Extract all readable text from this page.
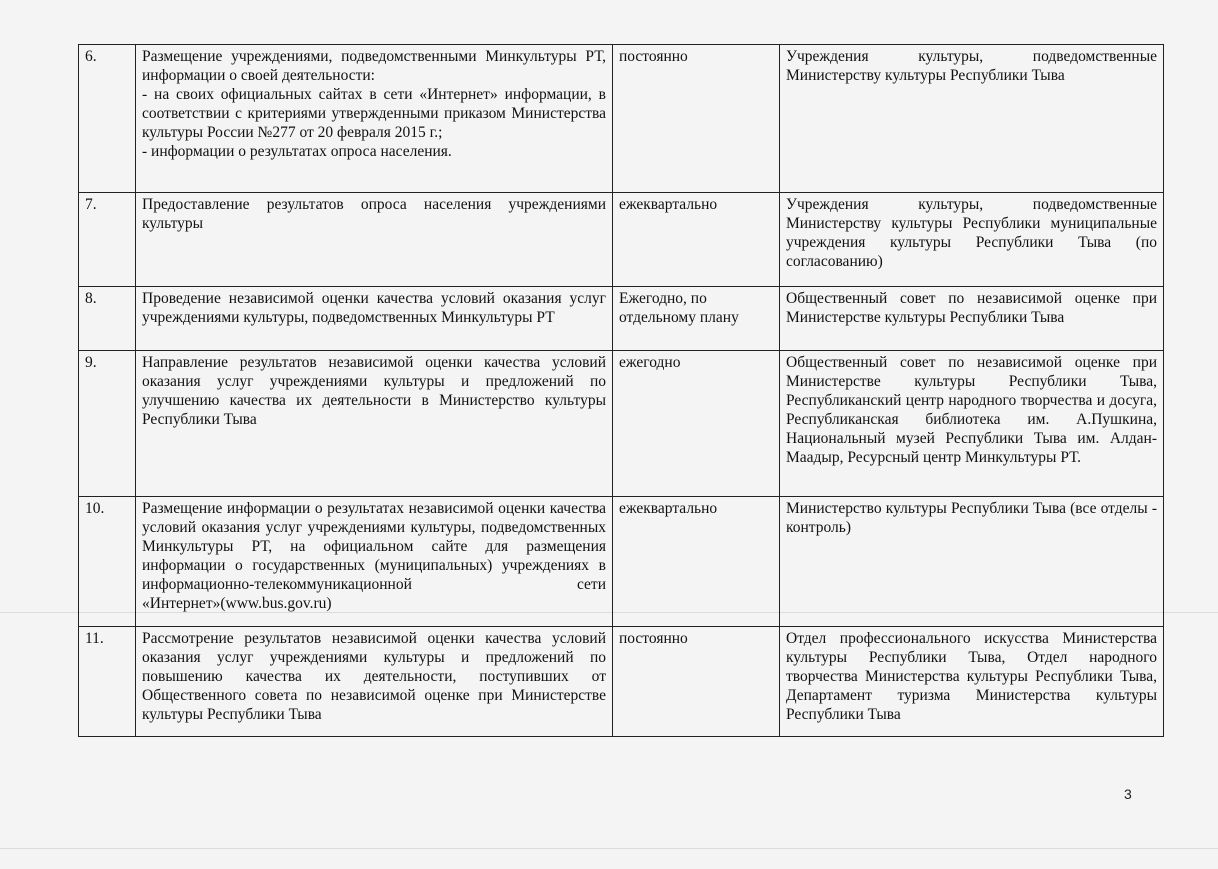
6.	Размещение учреждениями, подведомственными Минкультуры РТ, информации о своей деятельности:
- на своих официальных сайтах в сети «Интернет» информации, в соответствии с критериями утвержденными приказом Министерства культуры России №277 от 20 февраля 2015 г.;
- информации о результатах опроса населения.	постоянно	Учреждения культуры, подведомственные Министерству культуры Республики Тыва
7.	Предоставление результатов опроса населения учреждениями культуры	ежеквартально	Учреждения культуры, подведомственные Министерству культуры Республики муниципальные учреждения культуры Республики Тыва (по согласованию)
8.	Проведение независимой оценки качества условий оказания услуг учреждениями культуры, подведомственных Минкультуры РТ	Ежегодно, по отдельному плану	Общественный совет по независимой оценке при Министерстве культуры Республики Тыва
9.	Направление результатов независимой оценки качества условий оказания услуг учреждениями культуры и предложений по улучшению качества их деятельности в Министерство культуры Республики Тыва	ежегодно	Общественный совет по независимой оценке при Министерстве культуры Республики Тыва, Республиканский центр народного творчества и досуга, Республиканская библиотека им. А.Пушкина, Национальный музей Республики Тыва им. Алдан-Маадыр, Ресурсный центр Минкультуры РТ.
10.	Размещение информации о результатах независимой оценки качества условий оказания услуг учреждениями культуры, подведомственных Минкультуры РТ, на официальном сайте для размещения информации о государственных (муниципальных) учреждениях в информационно-телекоммуникационной сети «Интернет»(www.bus.gov.ru)	ежеквартально	Министерство культуры Республики Тыва (все отделы - контроль)
11.	Рассмотрение результатов независимой оценки качества условий оказания услуг учреждениями культуры и предложений по повышению качества их деятельности, поступивших от Общественного совета по независимой оценке при Министерстве культуры Республики Тыва	постоянно	Отдел профессионального искусства Министерства культуры Республики Тыва, Отдел народного творчества Министерства культуры Республики Тыва, Департамент туризма Министерства культуры Республики Тыва
3
